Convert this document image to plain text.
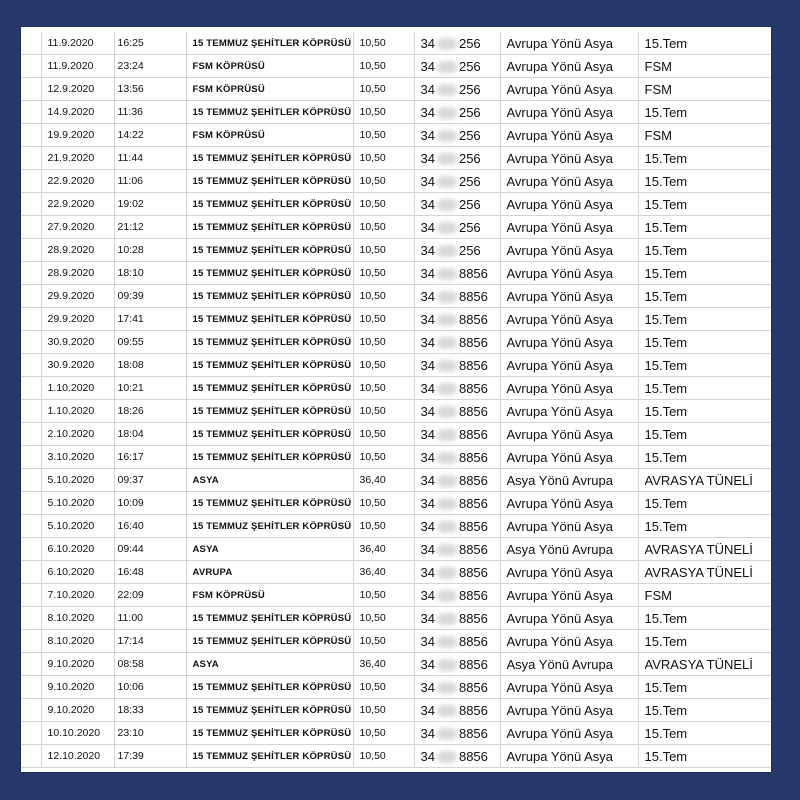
	11.9.2020	16:25	15 TEMMUZ ŞEHİTLER KÖPRÜSÜ	10,50	34 256	Avrupa Yönü Asya	15.Tem
	11.9.2020	23:24	FSM KÖPRÜSÜ	10,50	34 256	Avrupa Yönü Asya	FSM
	12.9.2020	13:56	FSM KÖPRÜSÜ	10,50	34 256	Avrupa Yönü Asya	FSM
	14.9.2020	11:36	15 TEMMUZ ŞEHİTLER KÖPRÜSÜ	10,50	34 256	Avrupa Yönü Asya	15.Tem
	19.9.2020	14:22	FSM KÖPRÜSÜ	10,50	34 256	Avrupa Yönü Asya	FSM
	21.9.2020	11:44	15 TEMMUZ ŞEHİTLER KÖPRÜSÜ	10,50	34 256	Avrupa Yönü Asya	15.Tem
	22.9.2020	11:06	15 TEMMUZ ŞEHİTLER KÖPRÜSÜ	10,50	34 256	Avrupa Yönü Asya	15.Tem
	22.9.2020	19:02	15 TEMMUZ ŞEHİTLER KÖPRÜSÜ	10,50	34 256	Avrupa Yönü Asya	15.Tem
	27.9.2020	21:12	15 TEMMUZ ŞEHİTLER KÖPRÜSÜ	10,50	34 256	Avrupa Yönü Asya	15.Tem
	28.9.2020	10:28	15 TEMMUZ ŞEHİTLER KÖPRÜSÜ	10,50	34 256	Avrupa Yönü Asya	15.Tem
	28.9.2020	18:10	15 TEMMUZ ŞEHİTLER KÖPRÜSÜ	10,50	34 8856	Avrupa Yönü Asya	15.Tem
	29.9.2020	09:39	15 TEMMUZ ŞEHİTLER KÖPRÜSÜ	10,50	34 8856	Avrupa Yönü Asya	15.Tem
	29.9.2020	17:41	15 TEMMUZ ŞEHİTLER KÖPRÜSÜ	10,50	34 8856	Avrupa Yönü Asya	15.Tem
	30.9.2020	09:55	15 TEMMUZ ŞEHİTLER KÖPRÜSÜ	10,50	34 8856	Avrupa Yönü Asya	15.Tem
	30.9.2020	18:08	15 TEMMUZ ŞEHİTLER KÖPRÜSÜ	10,50	34 8856	Avrupa Yönü Asya	15.Tem
	1.10.2020	10:21	15 TEMMUZ ŞEHİTLER KÖPRÜSÜ	10,50	34 8856	Avrupa Yönü Asya	15.Tem
	1.10.2020	18:26	15 TEMMUZ ŞEHİTLER KÖPRÜSÜ	10,50	34 8856	Avrupa Yönü Asya	15.Tem
	2.10.2020	18:04	15 TEMMUZ ŞEHİTLER KÖPRÜSÜ	10,50	34 8856	Avrupa Yönü Asya	15.Tem
	3.10.2020	16:17	15 TEMMUZ ŞEHİTLER KÖPRÜSÜ	10,50	34 8856	Avrupa Yönü Asya	15.Tem
	5.10.2020	09:37	ASYA	36,40	34 8856	Asya Yönü Avrupa	AVRASYA TÜNELİ
	5.10.2020	10:09	15 TEMMUZ ŞEHİTLER KÖPRÜSÜ	10,50	34 8856	Avrupa Yönü Asya	15.Tem
	5.10.2020	16:40	15 TEMMUZ ŞEHİTLER KÖPRÜSÜ	10,50	34 8856	Avrupa Yönü Asya	15.Tem
	6.10.2020	09:44	ASYA	36,40	34 8856	Asya Yönü Avrupa	AVRASYA TÜNELİ
	6.10.2020	16:48	AVRUPA	36,40	34 8856	Avrupa Yönü Asya	AVRASYA TÜNELİ
	7.10.2020	22:09	FSM KÖPRÜSÜ	10,50	34 8856	Avrupa Yönü Asya	FSM
	8.10.2020	11:00	15 TEMMUZ ŞEHİTLER KÖPRÜSÜ	10,50	34 8856	Avrupa Yönü Asya	15.Tem
	8.10.2020	17:14	15 TEMMUZ ŞEHİTLER KÖPRÜSÜ	10,50	34 8856	Avrupa Yönü Asya	15.Tem
	9.10.2020	08:58	ASYA	36,40	34 8856	Asya Yönü Avrupa	AVRASYA TÜNELİ
	9.10.2020	10:06	15 TEMMUZ ŞEHİTLER KÖPRÜSÜ	10,50	34 8856	Avrupa Yönü Asya	15.Tem
	9.10.2020	18:33	15 TEMMUZ ŞEHİTLER KÖPRÜSÜ	10,50	34 8856	Avrupa Yönü Asya	15.Tem
	10.10.2020	23:10	15 TEMMUZ ŞEHİTLER KÖPRÜSÜ	10,50	34 8856	Avrupa Yönü Asya	15.Tem
	12.10.2020	17:39	15 TEMMUZ ŞEHİTLER KÖPRÜSÜ	10,50	34 8856	Avrupa Yönü Asya	15.Tem
